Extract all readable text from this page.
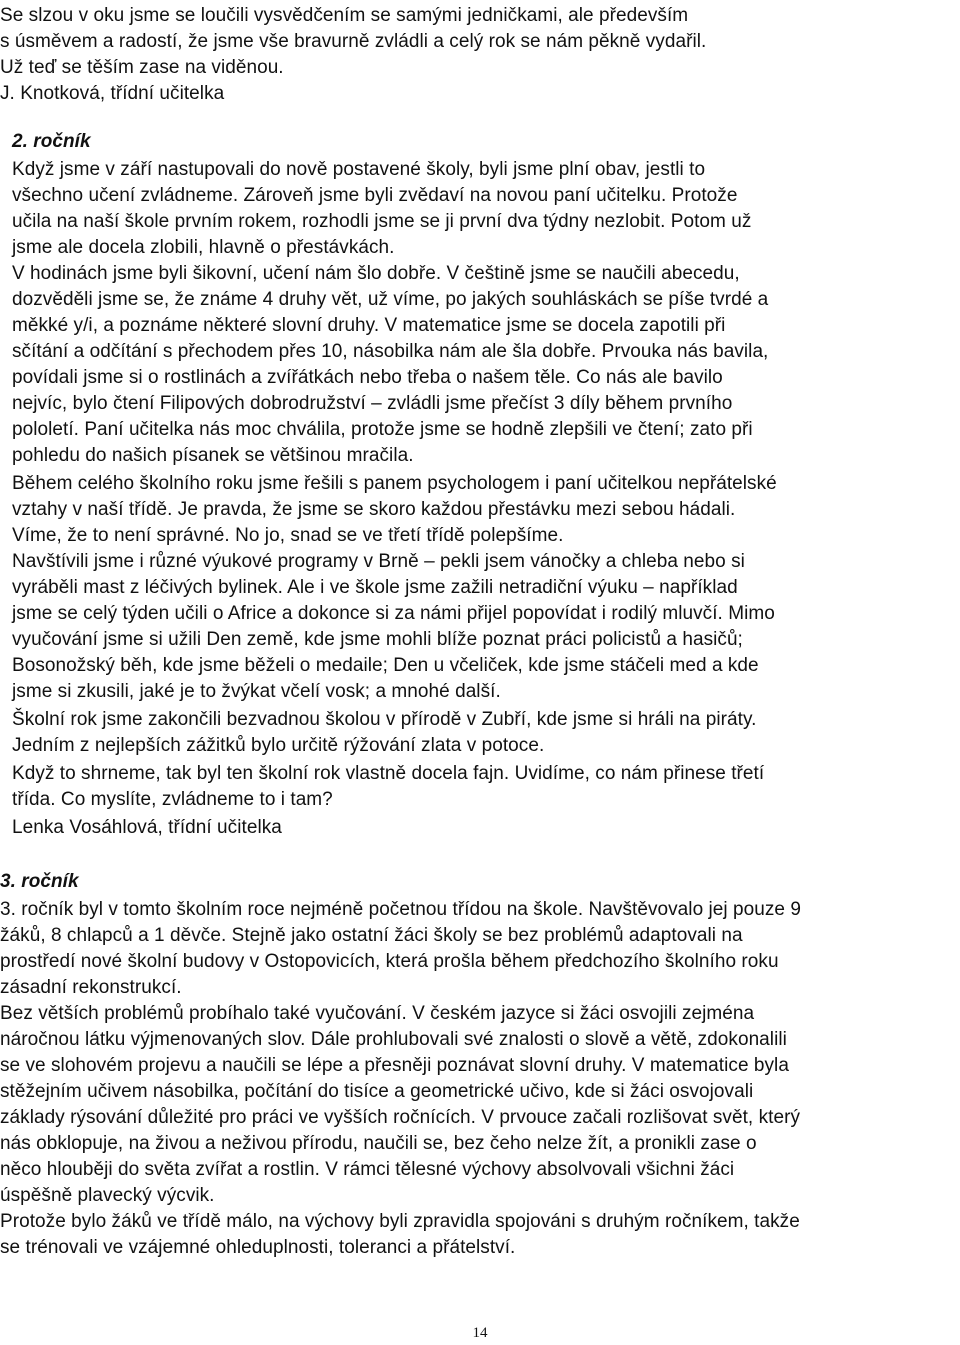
Se slzou v oku jsme se loučili vysvědčením se samými jedničkami, ale především
s úsměvem a radostí, že jsme vše bravurně zvládli a celý rok se nám pěkně vydařil.
Už teď se těším zase na viděnou.
J. Knotková, třídní učitelka
2. ročník
Když jsme v září nastupovali do nově postavené školy, byli jsme plní obav, jestli to
všechno učení zvládneme. Zároveň jsme byli zvědaví na novou paní učitelku. Protože
učila na naší škole prvním rokem, rozhodli jsme se ji první dva týdny nezlobit. Potom už
jsme ale docela zlobili, hlavně o přestávkách.
V hodinách jsme byli šikovní, učení nám šlo dobře. V češtině jsme se naučili abecedu,
dozvěděli jsme se, že známe 4 druhy vět, už víme, po jakých souhláskách se píše tvrdé a
měkké y/i, a poznáme některé slovní druhy. V matematice jsme se docela zapotili při
sčítání a odčítání s přechodem přes 10, násobilka nám ale šla dobře. Prvouka nás bavila,
povídali jsme si o rostlinách a zvířátkách nebo třeba o našem těle. Co nás ale bavilo
nejvíc, bylo čtení Filipových dobrodružství – zvládli jsme přečíst 3 díly během prvního
pololetí. Paní učitelka nás moc chválila, protože jsme se hodně zlepšili ve čtení; zato při
pohledu do našich písanek se většinou mračila.
Během celého školního roku jsme řešili s panem psychologem i paní učitelkou nepřátelské
vztahy v naší třídě. Je pravda, že jsme se skoro každou přestávku mezi sebou hádali.
Víme, že to není správné. No jo, snad se ve třetí třídě polepšíme.
Navštívili jsme i různé výukové programy v Brně – pekli jsem vánočky a chleba nebo si
vyráběli mast z léčivých bylinek. Ale i ve škole jsme zažili netradiční výuku – například
jsme se celý týden učili o Africe a dokonce si za námi přijel popovídat i rodilý mluvčí. Mimo
vyučování jsme si užili Den země, kde jsme mohli blíže poznat práci policistů a hasičů;
Bosonožský běh, kde jsme běželi o medaile; Den u včeliček, kde jsme stáčeli med a kde
jsme si zkusili, jaké je to žvýkat včelí vosk; a mnohé další.
Školní rok jsme zakončili bezvadnou školou v přírodě v Zubří, kde jsme si hráli na piráty.
Jedním z nejlepších zážitků bylo určitě rýžování zlata v potoce.
Když to shrneme, tak byl ten školní rok vlastně docela fajn. Uvidíme, co nám přinese třetí
třída. Co myslíte, zvládneme to i tam?
Lenka Vosáhlová, třídní učitelka
3. ročník
3. ročník byl v tomto školním roce nejméně početnou třídou na škole. Navštěvovalo jej pouze 9
žáků, 8 chlapců a 1 děvče. Stejně jako ostatní žáci školy se bez problémů adaptovali na
prostředí nové školní budovy v Ostopovicích, která prošla během předchozího školního roku
zásadní rekonstrukcí.
Bez větších problémů probíhalo také vyučování. V českém jazyce si žáci osvojili zejména
náročnou látku výjmenovaných slov. Dále prohlubovali své znalosti o slově a větě, zdokonalili
se ve slohovém projevu a naučili se lépe a přesněji poznávat slovní druhy. V matematice byla
stěžejním učivem násobilka, počítání do tisíce a geometrické učivo, kde si žáci osvojovali
základy rýsování důležité pro práci ve vyšších ročnících. V prvouce začali rozlišovat svět, který
nás obklopuje, na živou a neživou přírodu, naučili se, bez čeho nelze žít, a pronikli zase o
něco hlouběji do světa zvířat a rostlin. V rámci tělesné výchovy absolvovali všichni žáci
úspěšně plavecký výcvik.
Protože bylo žáků ve třídě málo, na výchovy byli zpravidla spojováni s druhým ročníkem, takže
se trénovali ve vzájemné ohleduplnosti, toleranci a přátelství.
14
